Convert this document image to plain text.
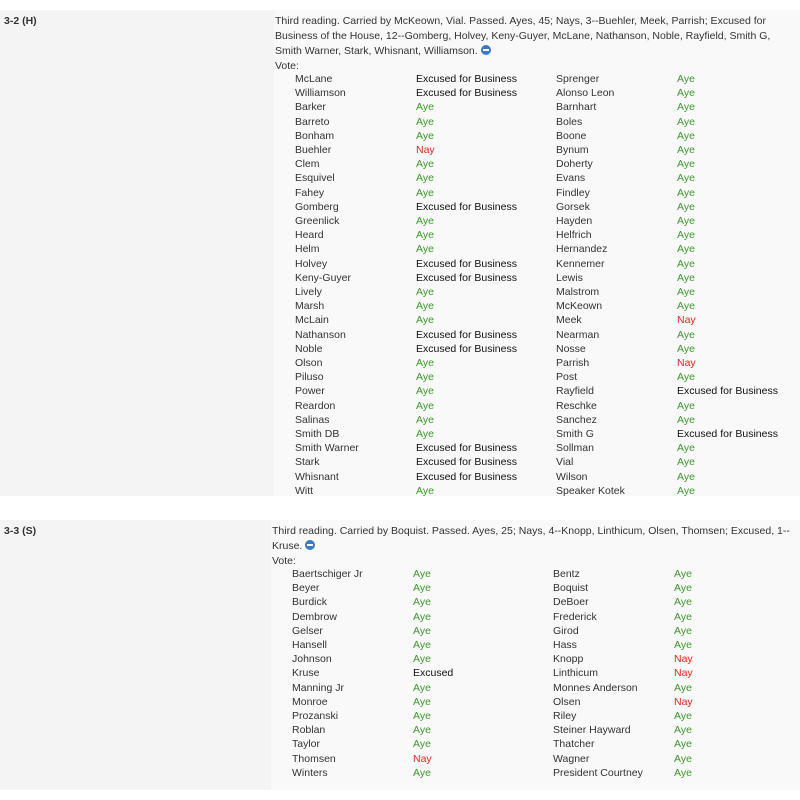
3-2 (H)	Third reading. Carried by McKeown, Vial. Passed. Ayes, 45; Nays, 3--Buehler, Meek, Parrish; Excused for Business of the House, 12--Gomberg, Holvey, Keny-Guyer, McLane, Nathanson, Noble, Rayfield, Smith G, Smith Warner, Stark, Whisnant, Williamson.
Vote:
McLane	Excused for Business	Sprenger	Aye
Williamson	Excused for Business	Alonso Leon	Aye
Barker	Aye	Barnhart	Aye
Barreto	Aye	Boles	Aye
Bonham	Aye	Boone	Aye
Buehler	Nay	Bynum	Aye
Clem	Aye	Doherty	Aye
Esquivel	Aye	Evans	Aye
Fahey	Aye	Findley	Aye
Gomberg	Excused for Business	Gorsek	Aye
Greenlick	Aye	Hayden	Aye
Heard	Aye	Helfrich	Aye
Helm	Aye	Hernandez	Aye
Holvey	Excused for Business	Kennemer	Aye
Keny-Guyer	Excused for Business	Lewis	Aye
Lively	Aye	Malstrom	Aye
Marsh	Aye	McKeown	Aye
McLain	Aye	Meek	Nay
Nathanson	Excused for Business	Nearman	Aye
Noble	Excused for Business	Nosse	Aye
Olson	Aye	Parrish	Nay
Piluso	Aye	Post	Aye
Power	Aye	Rayfield	Excused for Business
Reardon	Aye	Reschke	Aye
Salinas	Aye	Sanchez	Aye
Smith DB	Aye	Smith G	Excused for Business
Smith Warner	Excused for Business	Sollman	Aye
Stark	Excused for Business	Vial	Aye
Whisnant	Excused for Business	Wilson	Aye
Witt	Aye	Speaker Kotek	Aye
3-3 (S)	Third reading. Carried by Boquist. Passed. Ayes, 25; Nays, 4--Knopp, Linthicum, Olsen, Thomsen; Excused, 1--Kruse.
Vote:
Baertschiger Jr	Aye	Bentz	Aye
Beyer	Aye	Boquist	Aye
Burdick	Aye	DeBoer	Aye
Dembrow	Aye	Frederick	Aye
Gelser	Aye	Girod	Aye
Hansell	Aye	Hass	Aye
Johnson	Aye	Knopp	Nay
Kruse	Excused	Linthicum	Nay
Manning Jr	Aye	Monnes Anderson	Aye
Monroe	Aye	Olsen	Nay
Prozanski	Aye	Riley	Aye
Roblan	Aye	Steiner Hayward	Aye
Taylor	Aye	Thatcher	Aye
Thomsen	Nay	Wagner	Aye
Winters	Aye	President Courtney	Aye
